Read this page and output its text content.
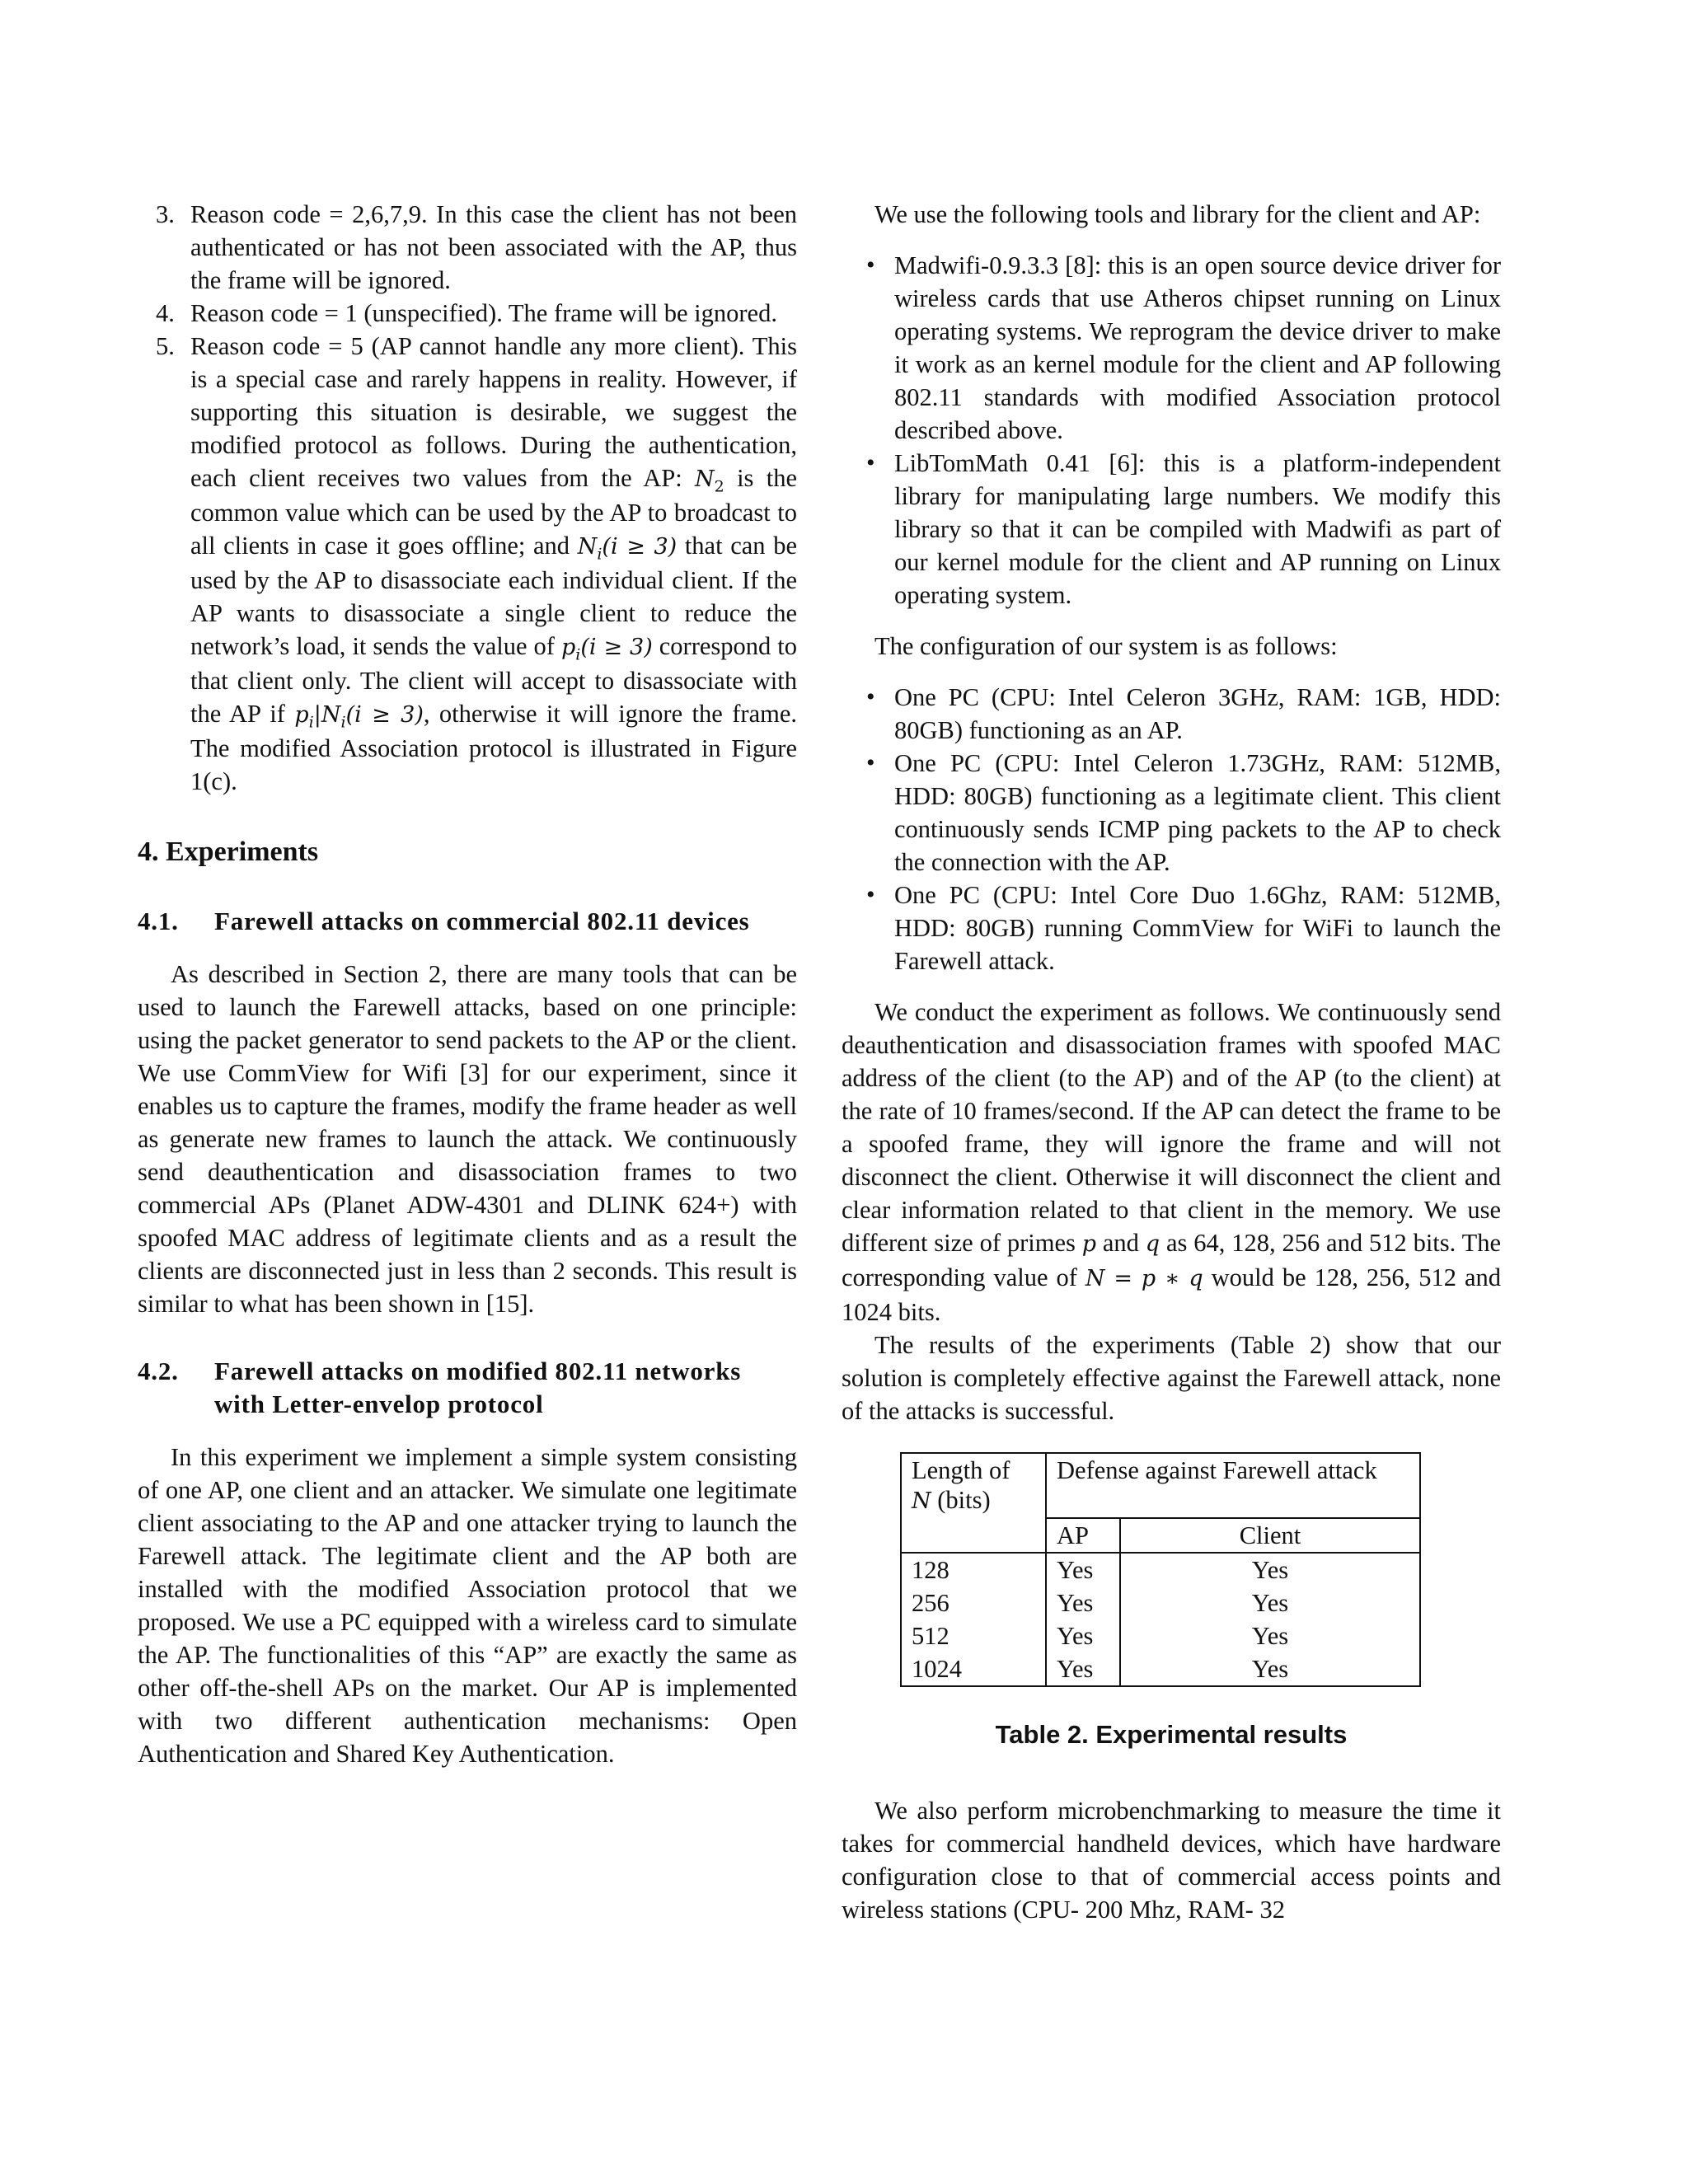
3. Reason code = 2,6,7,9. In this case the client has not been authenticated or has not been associated with the AP, thus the frame will be ignored.
4. Reason code = 1 (unspecified). The frame will be ignored.
5. Reason code = 5 (AP cannot handle any more client). This is a special case and rarely happens in reality. However, if supporting this situation is desirable, we suggest the modified protocol as follows. During the authentication, each client receives two values from the AP: $N_2$ is the common value which can be used by the AP to broadcast to all clients in case it goes offline; and $N_i(i \ge 3)$ that can be used by the AP to disassociate each individual client. If the AP wants to disassociate a single client to reduce the network’s load, it sends the value of $p_i(i \ge 3)$ correspond to that client only. The client will accept to disassociate with the AP if $p_i|N_i(i \ge 3)$, otherwise it will ignore the frame. The modified Association protocol is illustrated in Figure 1(c).
4. Experiments
4.1. Farewell attacks on commercial 802.11 devices

As described in Section 2, there are many tools that can be used to launch the Farewell attacks, based on one principle: using the packet generator to send packets to the AP or the client. We use CommView for Wifi [3] for our experiment, since it enables us to capture the frames, modify the frame header as well as generate new frames to launch the attack. We continuously send deauthentication and disassociation frames to two commercial APs (Planet ADW-4301 and DLINK 624+) with spoofed MAC address of legitimate clients and as a result the clients are disconnected just in less than 2 seconds. This result is similar to what has been shown in [15].

4.2. Farewell attacks on modified 802.11 networks with Letter-envelop protocol

In this experiment we implement a simple system consisting of one AP, one client and an attacker. We simulate one legitimate client associating to the AP and one attacker trying to launch the Farewell attack. The legitimate client and the AP both are installed with the modified Association protocol that we proposed. We use a PC equipped with a wireless card to simulate the AP. The functionalities of this “AP” are exactly the same as other off-the-shell APs on the market. Our AP is implemented with two different authentication mechanisms: Open Authentication and Shared Key Authentication.

We use the following tools and library for the client and AP:

• Madwifi-0.9.3.3 [8]: this is an open source device driver for wireless cards that use Atheros chipset running on Linux operating systems. We reprogram the device driver to make it work as an kernel module for the client and AP following 802.11 standards with modified Association protocol described above.
• LibTomMath 0.41 [6]: this is a platform-independent library for manipulating large numbers. We modify this library so that it can be compiled with Madwifi as part of our kernel module for the client and AP running on Linux operating system.

The configuration of our system is as follows:

• One PC (CPU: Intel Celeron 3GHz, RAM: 1GB, HDD: 80GB) functioning as an AP.
• One PC (CPU: Intel Celeron 1.73GHz, RAM: 512MB, HDD: 80GB) functioning as a legitimate client. This client continuously sends ICMP ping packets to the AP to check the connection with the AP.
• One PC (CPU: Intel Core Duo 1.6Ghz, RAM: 512MB, HDD: 80GB) running CommView for WiFi to launch the Farewell attack.

We conduct the experiment as follows. We continuously send deauthentication and disassociation frames with spoofed MAC address of the client (to the AP) and of the AP (to the client) at the rate of 10 frames/second. If the AP can detect the frame to be a spoofed frame, they will ignore the frame and will not disconnect the client. Otherwise it will disconnect the client and clear information related to that client in the memory. We use different size of primes p and q as 64, 128, 256 and 512 bits. The corresponding value of N = p ∗ q would be 128, 256, 512 and 1024 bits.

The results of the experiments (Table 2) show that our solution is completely effective against the Farewell attack, none of the attacks is successful.

Length of
N (bits)	Defense against Farewell attack	
	AP	Client
128	Yes	Yes
256	Yes	Yes
512	Yes	Yes
1024	Yes	Yes
Table 2. Experimental results

We also perform microbenchmarking to measure the time it takes for commercial handheld devices, which have hardware configuration close to that of commercial access points and wireless stations (CPU- 200 Mhz, RAM- 32
